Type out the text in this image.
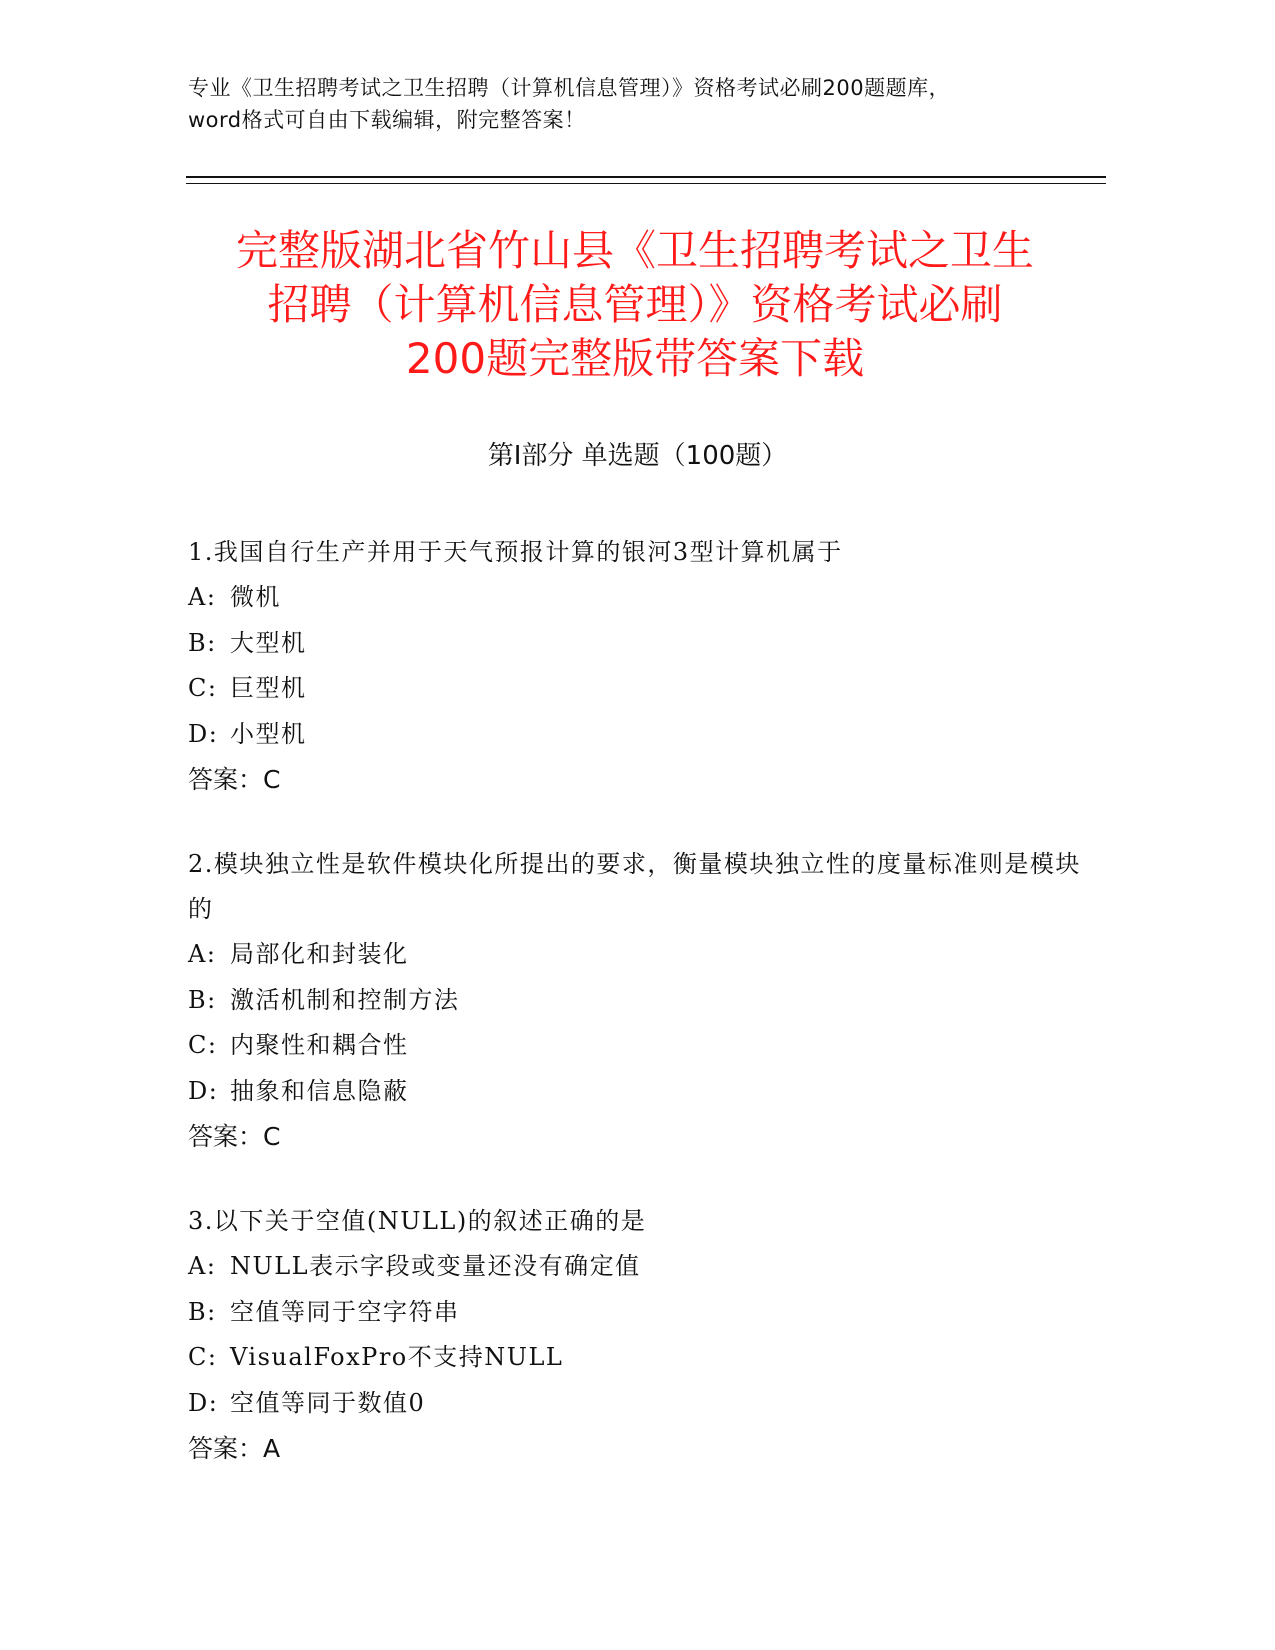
专业《卫生招聘考试之卫生招聘（计算机信息管理）》资格考试必刷200题题库，
word格式可自由下载编辑，附完整答案！
完整版湖北省竹山县《卫生招聘考试之卫生
招聘（计算机信息管理）》资格考试必刷
200题完整版带答案下载
第Ⅰ部分 单选题（100题）
1.我国自行生产并用于天气预报计算的银河3型计算机属于
A: 微机
B: 大型机
C: 巨型机
D: 小型机
答案：C
2.模块独立性是软件模块化所提出的要求，衡量模块独立性的度量标准则是模块的
A: 局部化和封装化
B: 激活机制和控制方法
C: 内聚性和耦合性
D: 抽象和信息隐蔽
答案：C
3.以下关于空值(NULL)的叙述正确的是
A: NULL表示字段或变量还没有确定值
B: 空值等同于空字符串
C: VisualFoxPro不支持NULL
D: 空值等同于数值0
答案：A
